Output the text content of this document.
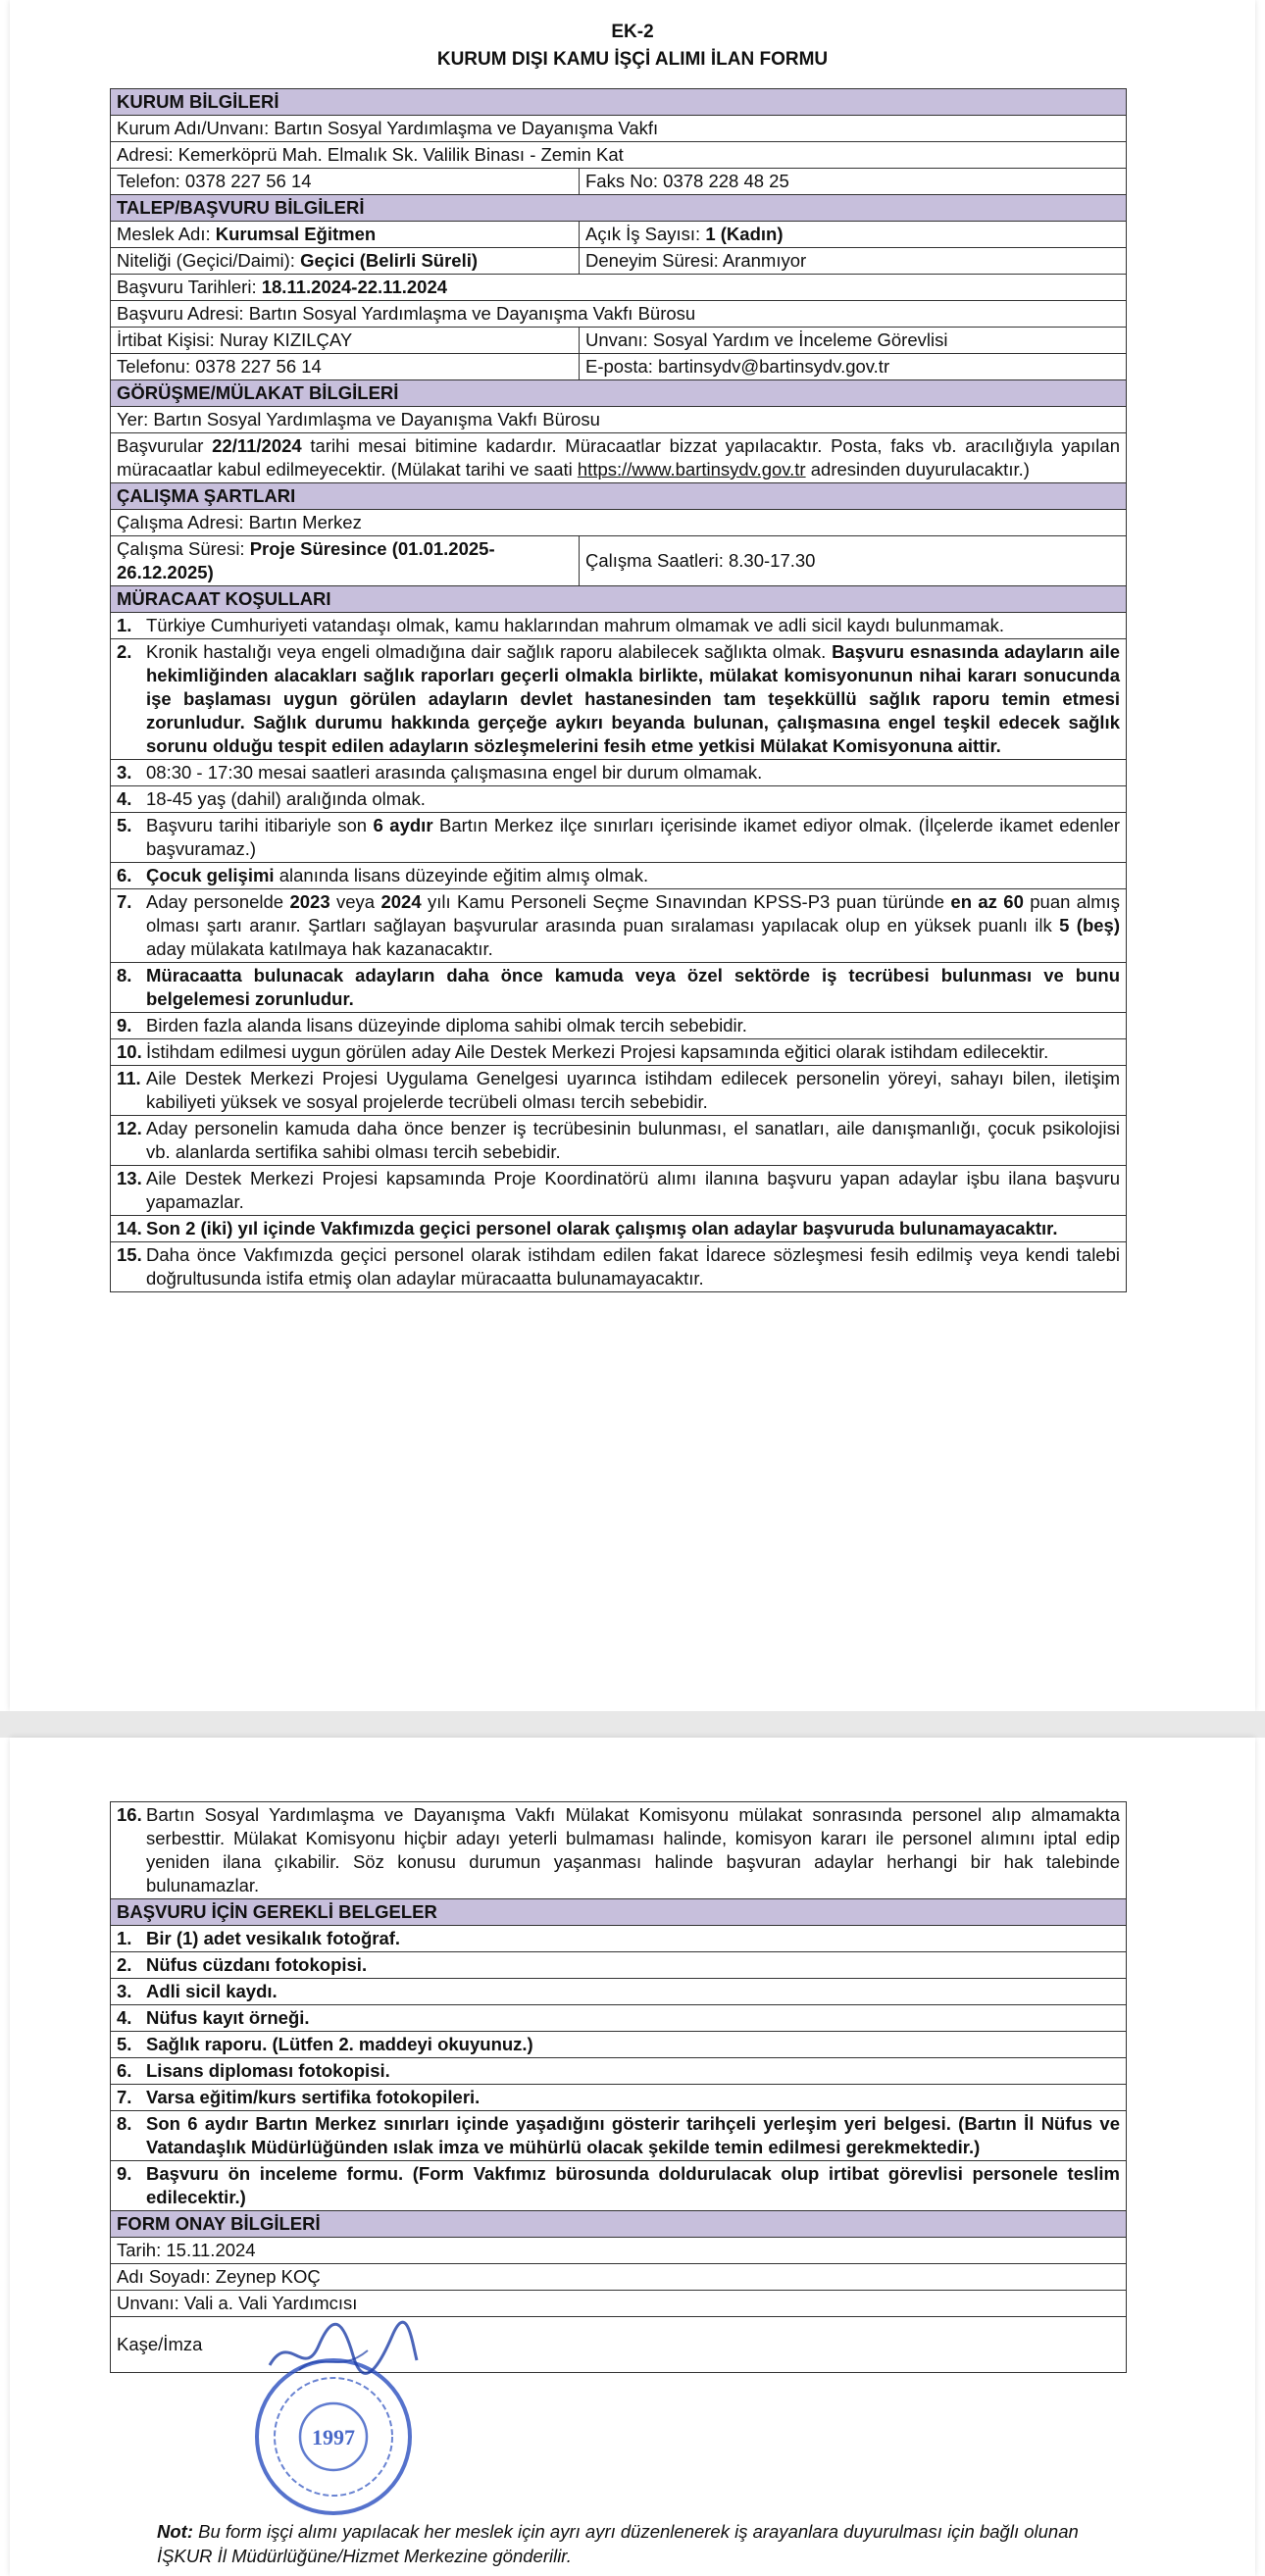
EK-2
KURUM DIŞI KAMU İŞÇİ ALIMI İLAN FORMU
KURUM BİLGİLERİ	
Kurum Adı/Unvanı: Bartın Sosyal Yardımlaşma ve Dayanışma Vakfı	
Adresi: Kemerköprü Mah. Elmalık Sk. Valilik Binası - Zemin Kat	
Telefon: 0378 227 56 14	Faks No: 0378 228 48 25
TALEP/BAŞVURU BİLGİLERİ	
Meslek Adı: Kurumsal Eğitmen	Açık İş Sayısı: 1 (Kadın)
Niteliği (Geçici/Daimi): Geçici (Belirli Süreli)	Deneyim Süresi: Aranmıyor
Başvuru Tarihleri: 18.11.2024-22.11.2024	
Başvuru Adresi: Bartın Sosyal Yardımlaşma ve Dayanışma Vakfı Bürosu	
İrtibat Kişisi: Nuray KIZILÇAY	Unvanı: Sosyal Yardım ve İnceleme Görevlisi
Telefonu: 0378 227 56 14	E-posta: bartinsydv@bartinsydv.gov.tr
GÖRÜŞME/MÜLAKAT BİLGİLERİ	
Yer: Bartın Sosyal Yardımlaşma ve Dayanışma Vakfı Bürosu	
Başvurular 22/11/2024 tarihi mesai bitimine kadardır. Müracaatlar bizzat yapılacaktır. Posta, faks vb. aracılığıyla yapılan müracaatlar kabul edilmeyecektir. (Mülakat tarihi ve saati https://www.bartinsydv.gov.tr adresinden duyurulacaktır.)	
ÇALIŞMA ŞARTLARI	
Çalışma Adresi: Bartın Merkez	
Çalışma Süresi: Proje Süresince (01.01.2025-26.12.2025)	Çalışma Saatleri: 8.30-17.30
MÜRACAAT KOŞULLARI	

1. Türkiye Cumhuriyeti vatandaşı olmak, kamu haklarından mahrum olmamak ve adli sicil kaydı bulunmamak.	

2. Kronik hastalığı veya engeli olmadığına dair sağlık raporu alabilecek sağlıkta olmak. Başvuru esnasında adayların aile hekimliğinden alacakları sağlık raporları geçerli olmakla birlikte, mülakat komisyonunun nihai kararı sonucunda işe başlaması uygun görülen adayların devlet hastanesinden tam teşekküllü sağlık raporu temin etmesi zorunludur. Sağlık durumu hakkında gerçeğe aykırı beyanda bulunan, çalışmasına engel teşkil edecek sağlık sorunu olduğu tespit edilen adayların sözleşmelerini fesih etme yetkisi Mülakat Komisyonuna aittir.	

3. 08:30 - 17:30 mesai saatleri arasında çalışmasına engel bir durum olmamak.	

4. 18-45 yaş (dahil) aralığında olmak.	

5. Başvuru tarihi itibariyle son 6 aydır Bartın Merkez ilçe sınırları içerisinde ikamet ediyor olmak. (İlçelerde ikamet edenler başvuramaz.)	

6. Çocuk gelişimi alanında lisans düzeyinde eğitim almış olmak.	

7. Aday personelde 2023 veya 2024 yılı Kamu Personeli Seçme Sınavından KPSS-P3 puan türünde en az 60 puan almış olması şartı aranır. Şartları sağlayan başvurular arasında puan sıralaması yapılacak olup en yüksek puanlı ilk 5 (beş) aday mülakata katılmaya hak kazanacaktır.	

8. Müracaatta bulunacak adayların daha önce kamuda veya özel sektörde iş tecrübesi bulunması ve bunu belgelemesi zorunludur.	

9. Birden fazla alanda lisans düzeyinde diploma sahibi olmak tercih sebebidir.	

10. İstihdam edilmesi uygun görülen aday Aile Destek Merkezi Projesi kapsamında eğitici olarak istihdam edilecektir.	

11. Aile Destek Merkezi Projesi Uygulama Genelgesi uyarınca istihdam edilecek personelin yöreyi, sahayı bilen, iletişim kabiliyeti yüksek ve sosyal projelerde tecrübeli olması tercih sebebidir.	

12. Aday personelin kamuda daha önce benzer iş tecrübesinin bulunması, el sanatları, aile danışmanlığı, çocuk psikolojisi vb. alanlarda sertifika sahibi olması tercih sebebidir.	

13. Aile Destek Merkezi Projesi kapsamında Proje Koordinatörü alımı ilanına başvuru yapan adaylar işbu ilana başvuru yapamazlar.	

14. Son 2 (iki) yıl içinde Vakfımızda geçici personel olarak çalışmış olan adaylar başvuruda bulunamayacaktır.	

15. Daha önce Vakfımızda geçici personel olarak istihdam edilen fakat İdarece sözleşmesi fesih edilmiş veya kendi talebi doğrultusunda istifa etmiş olan adaylar müracaatta bulunamayacaktır.	
16. Bartın Sosyal Yardımlaşma ve Dayanışma Vakfı Mülakat Komisyonu mülakat sonrasında personel alıp almamakta serbesttir. Mülakat Komisyonu hiçbir adayı yeterli bulmaması halinde, komisyon kararı ile personel alımını iptal edip yeniden ilana çıkabilir. Söz konusu durumun yaşanması halinde başvuran adaylar herhangi bir hak talebinde bulunamazlar.

BAŞVURU İÇİN GEREKLİ BELGELER

1. Bir (1) adet vesikalık fotoğraf.

2. Nüfus cüzdanı fotokopisi.

3. Adli sicil kaydı.

4. Nüfus kayıt örneği.

5. Sağlık raporu. (Lütfen 2. maddeyi okuyunuz.)

6. Lisans diploması fotokopisi.

7. Varsa eğitim/kurs sertifika fotokopileri.

8. Son 6 aydır Bartın Merkez sınırları içinde yaşadığını gösterir tarihçeli yerleşim yeri belgesi. (Bartın İl Nüfus ve Vatandaşlık Müdürlüğünden ıslak imza ve mühürlü olacak şekilde temin edilmesi gerekmektedir.)

9. Başvuru ön inceleme formu. (Form Vakfımız bürosunda doldurulacak olup irtibat görevlisi personele teslim edilecektir.)

FORM ONAY BİLGİLERİ
Tarih: 15.11.2024
Adı Soyadı: Zeynep KOÇ
Unvanı: Vali a. Vali Yardımcısı
Kaşe/İmza
1997
Not: Bu form işçi alımı yapılacak her meslek için ayrı ayrı düzenlenerek iş arayanlara duyurulması için bağlı olunan İŞKUR İl Müdürlüğüne/Hizmet Merkezine gönderilir.
